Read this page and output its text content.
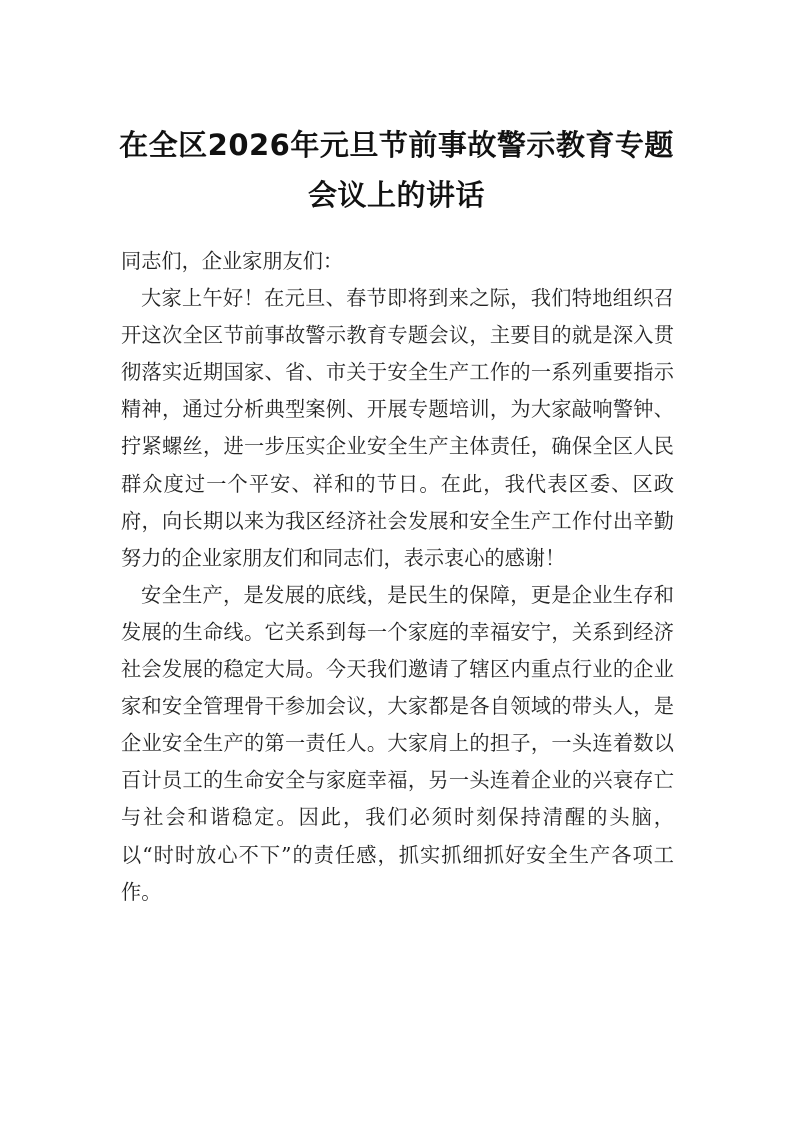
在全区2026年元旦节前事故警示教育专题
会议上的讲话

同志们，企业家朋友们：

大家上午好！在元旦、春节即将到来之际，我们特地组织召开这次全区节前事故警示教育专题会议，主要目的就是深入贯彻落实近期国家、省、市关于安全生产工作的一系列重要指示精神，通过分析典型案例、开展专题培训，为大家敲响警钟、拧紧螺丝，进一步压实企业安全生产主体责任，确保全区人民群众度过一个平安、祥和的节日。在此，我代表区委、区政府，向长期以来为我区经济社会发展和安全生产工作付出辛勤努力的企业家朋友们和同志们，表示衷心的感谢！

安全生产，是发展的底线，是民生的保障，更是企业生存和发展的生命线。它关系到每一个家庭的幸福安宁，关系到经济社会发展的稳定大局。今天我们邀请了辖区内重点行业的企业家和安全管理骨干参加会议，大家都是各自领域的带头人，是企业安全生产的第一责任人。大家肩上的担子，一头连着数以百计员工的生命安全与家庭幸福，另一头连着企业的兴衰存亡与社会和谐稳定。因此，我们必须时刻保持清醒的头脑，以“时时放心不下”的责任感，抓实抓细抓好安全生产各项工作。
